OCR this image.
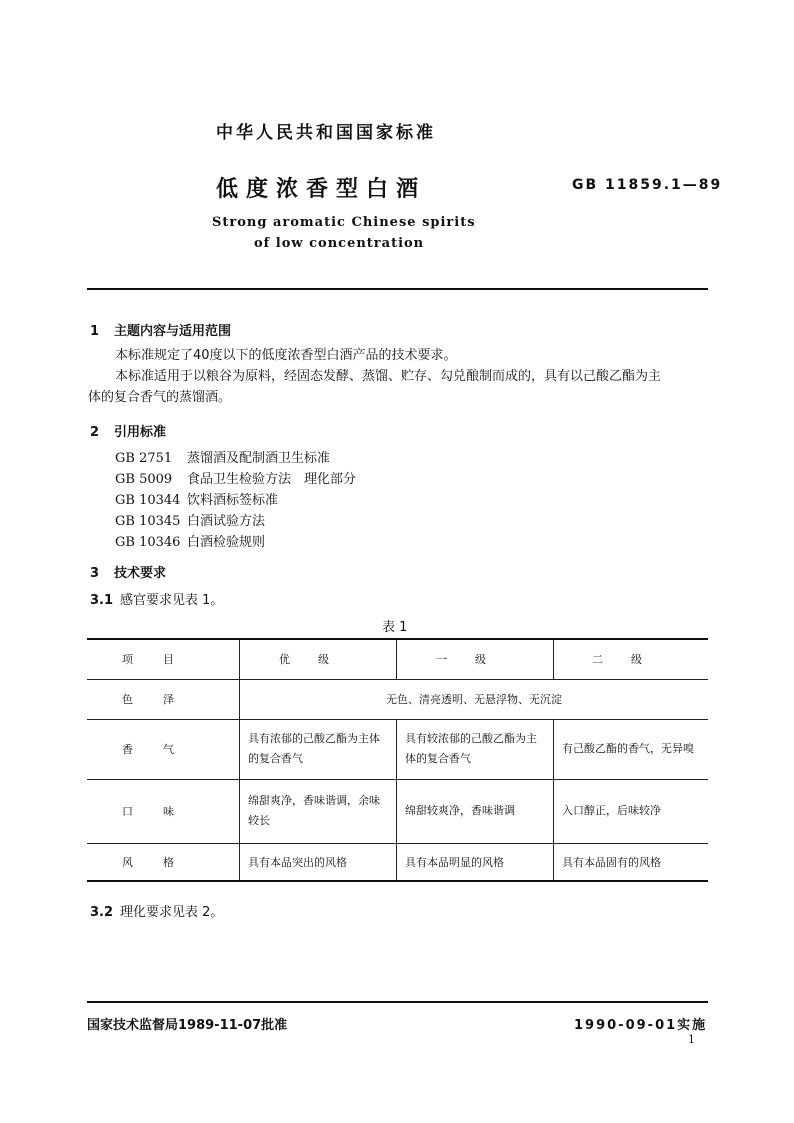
中华人民共和国国家标准
低度浓香型白酒	GB 11859.1—89
Strong aromatic Chinese spirits
of low concentration
1 主题内容与适用范围
本标准规定了40度以下的低度浓香型白酒产品的技术要求。
本标准适用于以粮谷为原料，经固态发酵、蒸馏、贮存、勾兑酿制而成的，具有以己酸乙酯为主
体的复合香气的蒸馏酒。
2 引用标准
GB 2751 蒸馏酒及配制酒卫生标准
GB 5009 食品卫生检验方法　理化部分
GB 10344 饮料酒标签标准
GB 10345 白酒试验方法
GB 10346 白酒检验规则
3 技术要求
3.1 感官要求见表 1。
表 1
项目	优级	一级	二级
色泽	无色、清亮透明、无悬浮物、无沉淀		
香气	具有浓郁的己酸乙酯为主体的复合香气	具有较浓郁的己酸乙酯为主体的复合香气	有己酸乙酯的香气，无异嗅
口味	绵甜爽净，香味谐调，余味较长	绵甜较爽净，香味谐调	入口醇正，后味较净
风格	具有本品突出的风格	具有本品明显的风格	具有本品固有的风格
3.2 理化要求见表 2。
国家技术监督局1989-11-07批准	1990-09-01实施
1
